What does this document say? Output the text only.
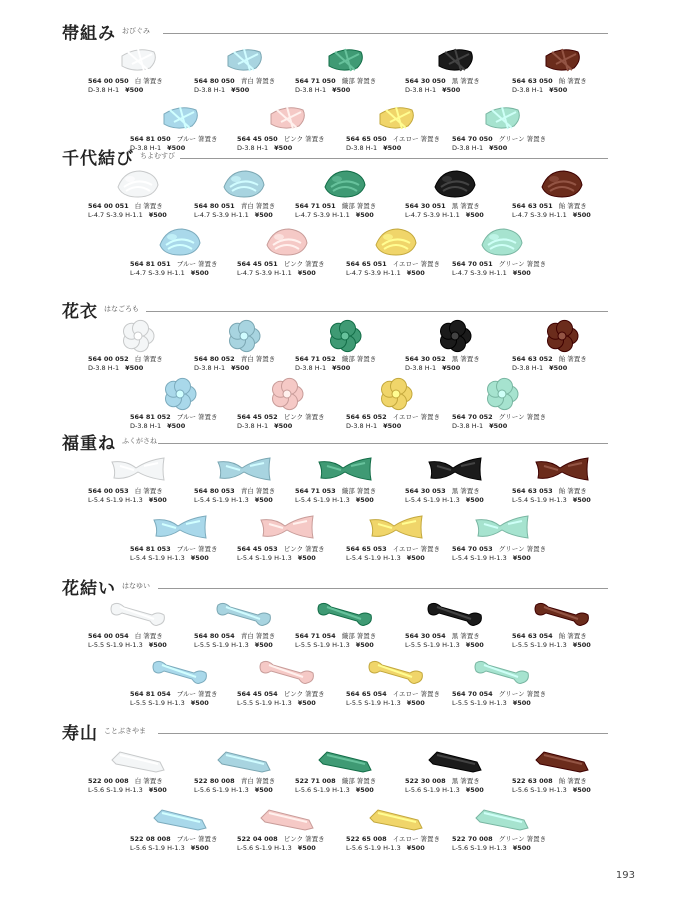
帯組み おびぐみ
564 00 050 白 箸置き
D-3.8 H-1 ¥500
564 80 050 青白 箸置き
D-3.8 H-1 ¥500
564 71 050 織部 箸置き
D-3.8 H-1 ¥500
564 30 050 黒 箸置き
D-3.8 H-1 ¥500
564 63 050 飴 箸置き
D-3.8 H-1 ¥500
564 81 050 ブルー 箸置き
D-3.8 H-1 ¥500
564 45 050 ピンク 箸置き
D-3.8 H-1 ¥500
564 65 050 イエロー 箸置き
D-3.8 H-1 ¥500
564 70 050 グリーン 箸置き
D-3.8 H-1 ¥500
千代結び ちよむすび
564 00 051 白 箸置き
L-4.7 S-3.9 H-1.1 ¥500
564 80 051 青白 箸置き
L-4.7 S-3.9 H-1.1 ¥500
564 71 051 織部 箸置き
L-4.7 S-3.9 H-1.1 ¥500
564 30 051 黒 箸置き
L-4.7 S-3.9 H-1.1 ¥500
564 63 051 飴 箸置き
L-4.7 S-3.9 H-1.1 ¥500
564 81 051 ブルー 箸置き
L-4.7 S-3.9 H-1.1 ¥500
564 45 051 ピンク 箸置き
L-4.7 S-3.9 H-1.1 ¥500
564 65 051 イエロー 箸置き
L-4.7 S-3.9 H-1.1 ¥500
564 70 051 グリーン 箸置き
L-4.7 S-3.9 H-1.1 ¥500
花衣 はなごろも
564 00 052 白 箸置き
D-3.8 H-1 ¥500
564 80 052 青白 箸置き
D-3.8 H-1 ¥500
564 71 052 織部 箸置き
D-3.8 H-1 ¥500
564 30 052 黒 箸置き
D-3.8 H-1 ¥500
564 63 052 飴 箸置き
D-3.8 H-1 ¥500
564 81 052 ブルー 箸置き
D-3.8 H-1 ¥500
564 45 052 ピンク 箸置き
D-3.8 H-1 ¥500
564 65 052 イエロー 箸置き
D-3.8 H-1 ¥500
564 70 052 グリーン 箸置き
D-3.8 H-1 ¥500
福重ね ふくがさね
564 00 053 白 箸置き
L-5.4 S-1.9 H-1.3 ¥500
564 80 053 青白 箸置き
L-5.4 S-1.9 H-1.3 ¥500
564 71 053 織部 箸置き
L-5.4 S-1.9 H-1.3 ¥500
564 30 053 黒 箸置き
L-5.4 S-1.9 H-1.3 ¥500
564 63 053 飴 箸置き
L-5.4 S-1.9 H-1.3 ¥500
564 81 053 ブルー 箸置き
L-5.4 S-1.9 H-1.3 ¥500
564 45 053 ピンク 箸置き
L-5.4 S-1.9 H-1.3 ¥500
564 65 053 イエロー 箸置き
L-5.4 S-1.9 H-1.3 ¥500
564 70 053 グリーン 箸置き
L-5.4 S-1.9 H-1.3 ¥500
花結い はなゆい
564 00 054 白 箸置き
L-5.5 S-1.9 H-1.3 ¥500
564 80 054 青白 箸置き
L-5.5 S-1.9 H-1.3 ¥500
564 71 054 織部 箸置き
L-5.5 S-1.9 H-1.3 ¥500
564 30 054 黒 箸置き
L-5.5 S-1.9 H-1.3 ¥500
564 63 054 飴 箸置き
L-5.5 S-1.9 H-1.3 ¥500
564 81 054 ブルー 箸置き
L-5.5 S-1.9 H-1.3 ¥500
564 45 054 ピンク 箸置き
L-5.5 S-1.9 H-1.3 ¥500
564 65 054 イエロー 箸置き
L-5.5 S-1.9 H-1.3 ¥500
564 70 054 グリーン 箸置き
L-5.5 S-1.9 H-1.3 ¥500
寿山 ことぶきやま
522 00 008 白 箸置き
L-5.6 S-1.9 H-1.3 ¥500
522 80 008 青白 箸置き
L-5.6 S-1.9 H-1.3 ¥500
522 71 008 織部 箸置き
L-5.6 S-1.9 H-1.3 ¥500
522 30 008 黒 箸置き
L-5.6 S-1.9 H-1.3 ¥500
522 63 008 飴 箸置き
L-5.6 S-1.9 H-1.3 ¥500
522 08 008 ブルー 箸置き
L-5.6 S-1.9 H-1.3 ¥500
522 04 008 ピンク 箸置き
L-5.6 S-1.9 H-1.3 ¥500
522 65 008 イエロー 箸置き
L-5.6 S-1.9 H-1.3 ¥500
522 70 008 グリーン 箸置き
L-5.6 S-1.9 H-1.3 ¥500
193
